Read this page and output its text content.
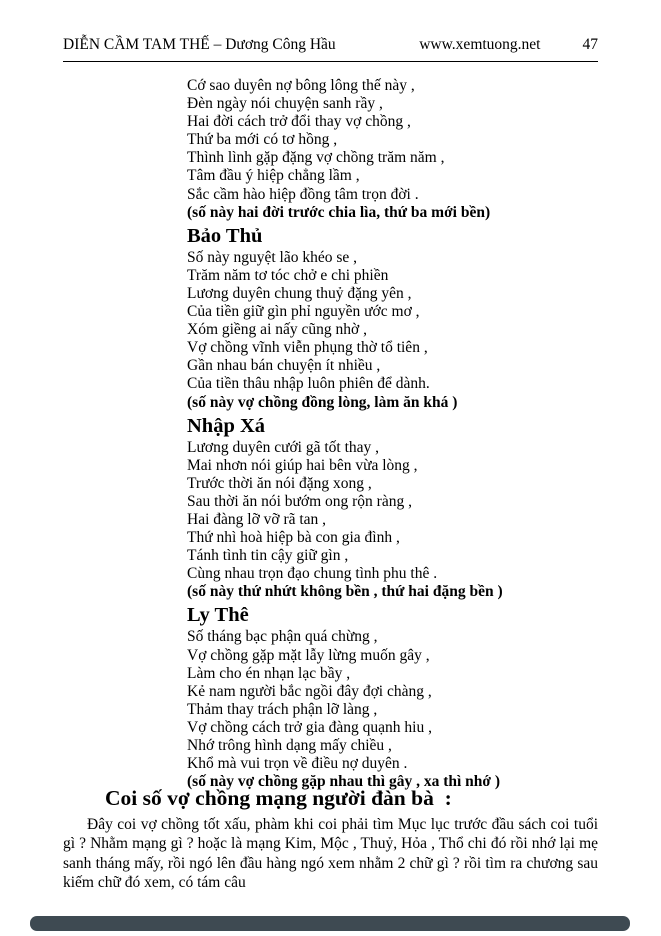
DIỄN CẦM TAM THẾ – Dương Công Hầu	www.xemtuong.net	47
Cớ sao duyên nợ bông lông thế này ,
Đèn ngày nói chuyện sanh rầy ,
Hai đời cách trở đổi thay vợ chồng ,
Thứ ba mới có tơ hồng ,
Thình lình gặp đặng vợ chồng trăm năm ,
Tâm đầu ý hiệp chẳng lầm ,
Sắc cầm hào hiệp đồng tâm trọn đời .
(số này hai đời trước chia lìa, thứ ba mới bền)
Bảo Thủ
Số này nguyệt lão khéo se ,
Trăm năm tơ tóc chở e chi phiền
Lương duyên chung thuỷ đặng yên ,
Của tiền giữ gìn phỉ nguyền ước mơ ,
Xóm giềng ai nấy cũng nhờ ,
Vợ chồng vĩnh viễn phụng thờ tổ tiên ,
Gần nhau bán chuyện ít nhiều ,
Của tiền thâu nhập luôn phiên để dành.
(số này vợ chồng đồng lòng, làm ăn khá )
Nhập Xá
Lương duyên cưới gã tốt thay ,
Mai nhơn nói giúp hai bên vừa lòng ,
Trước thời ăn nói đặng xong ,
Sau thời ăn nói bướm ong rộn ràng ,
Hai đàng lỡ vỡ rã tan ,
Thứ nhì hoà hiệp bà con gia đình ,
Tánh tình tin cậy giữ gìn ,
Cùng nhau trọn đạo chung tình phu thê .
(số này thứ nhứt không bền , thứ hai đặng bền )
Ly Thê
Số tháng bạc phận quá chừng ,
Vợ chồng gặp mặt lẫy lừng muốn gây ,
Làm cho én nhạn lạc bầy ,
Kẻ nam người bắc ngồi đây đợi chàng ,
Thảm thay trách phận lỡ làng ,
Vợ chồng cách trở gia đàng quạnh hiu ,
Nhớ trông hình dạng mấy chiều ,
Khổ mà vui trọn về điều nợ duyên .
(số này vợ chồng gặp nhau thì gây , xa thì nhớ )
Coi số vợ chồng mạng người đàn bà  :

Đây coi vợ chồng tốt xấu, phàm khi coi phải tìm Mục lục trước đầu sách coi tuổi gì ? Nhằm mạng gì ? hoặc là mạng Kim, Mộc , Thuỷ, Hỏa , Thổ chi đó rồi nhớ lại mẹ sanh tháng mấy, rồi ngó lên đầu hàng ngó xem nhằm 2 chữ gì ? rồi tìm ra chương sau kiếm chữ đó xem, có tám câu
